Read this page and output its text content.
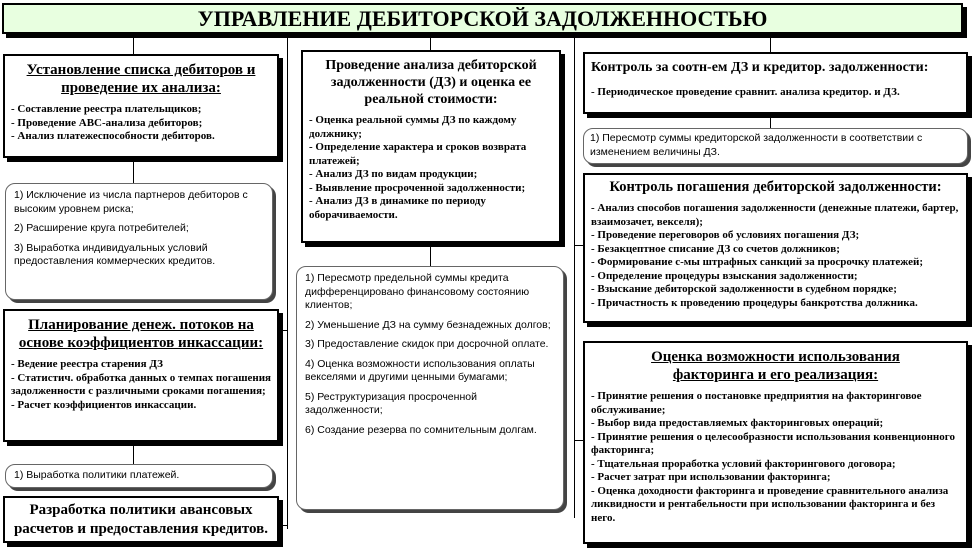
УПРАВЛЕНИЕ ДЕБИТОРСКОЙ ЗАДОЛЖЕННОСТЬЮ
Установление списка дебиторов и проведение их анализа:
- Составление реестра плательщиков;
- Проведение АВС-анализа дебиторов;
- Анализ платежеспособности дебиторов.
1) Исключение из числа партнеров дебиторов с высоким уровнем риска;
2) Расширение круга потребителей;
3) Выработка индивидуальных условий предоставления коммерческих кредитов.
Планирование денеж. потоков на основе коэффициентов инкассации:
- Ведение реестра старения ДЗ
- Статистич. обработка данных о темпах погашения задолженности с различными сроками погашения;
- Расчет коэффициентов инкассации.
1) Выработка политики платежей.
Разработка политики авансовых расчетов и предоставления кредитов.
Проведение анализа дебиторской задолженности (ДЗ) и оценка ее реальной стоимости:
- Оценка реальной суммы ДЗ по каждому должнику;
- Определение характера и сроков возврата платежей;
- Анализ ДЗ по видам продукции;
- Выявление просроченной задолженности;
- Анализ ДЗ в динамике по периоду оборачиваемости.
1) Пересмотр предельной суммы кредита дифференцировано финансовому состоянию клиентов;
2) Уменьшение ДЗ на сумму безнадежных долгов;
3) Предоставление скидок при досрочной оплате.
4) Оценка возможности использования оплаты векселями и другими ценными бумагами;
5) Реструктуризация просроченной задолженности;
6) Создание резерва по сомнительным долгам.
Контроль за соотн-ем ДЗ и кредитор. задолженности:
- Периодическое проведение сравнит. анализа кредитор. и ДЗ.
1) Пересмотр суммы кредиторской задолженности в соответствии с изменением величины ДЗ.
Контроль погашения дебиторской задолженности:
- Анализ способов погашения задолженности (денежные платежи, бартер, взаимозачет, векселя);
- Проведение переговоров об условиях погашения ДЗ;
- Безакцептное списание ДЗ со счетов должников;
- Формирование с-мы штрафных санкций за просрочку платежей;
- Определение процедуры взыскания задолженности;
- Взыскание дебиторской задолженности в судебном порядке;
- Причастность к проведению процедуры банкротства должника.
Оценка возможности использования факторинга и его реализация:
- Принятие решения о постановке предприятия на факторинговое обслуживание;
- Выбор вида предоставляемых факторинговых операций;
- Принятие решения о целесообразности использования конвенционного факторинга;
- Тщательная проработка условий факторингового договора;
- Расчет затрат при использовании факторинга;
- Оценка доходности факторинга и проведение сравнительного анализа ликвидности и рентабельности при использовании факторинга и без него.
